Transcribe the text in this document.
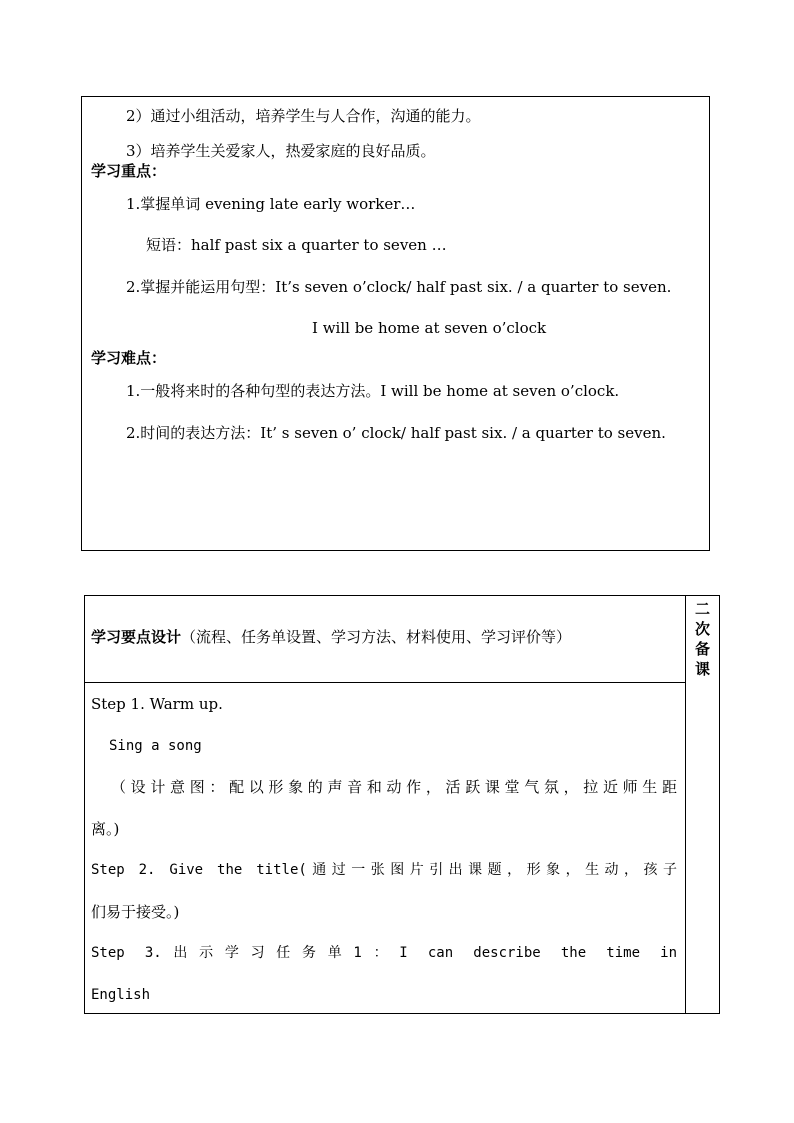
2）通过小组活动，培养学生与人合作，沟通的能力。
3）培养学生关爱家人，热爱家庭的良好品质。
学习重点：
1.掌握单词 evening late early worker…
短语：half past six a quarter to seven …
2.掌握并能运用句型：It’s seven o’clock/ half past six. / a quarter to seven.
I will be home at seven o’clock
学习难点：
1.一般将来时的各种句型的表达方法。I will be home at seven o’clock.
2.时间的表达方法：It’ s seven o’ clock/ half past six. / a quarter to seven.
学习要点设计（流程、任务单设置、学习方法、材料使用、学习评价等）
二
次
备
课
Step 1. Warm up.
Sing a song
（设计意图：配以形象的声音和动作，活跃课堂气氛，拉近师生距
离。)
Step 2. Give the title(通过一张图片引出课题，形象，生动，孩子
们易于接受。)
Step 3.出示学习任务单1：I can describe the time in
English
